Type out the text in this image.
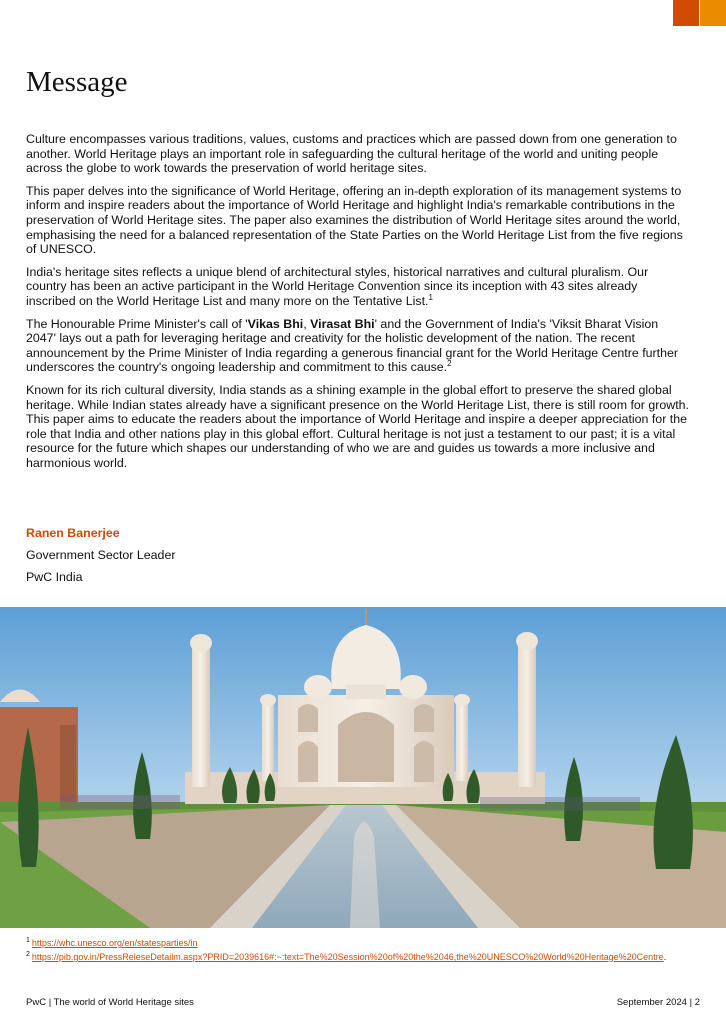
Message

Culture encompasses various traditions, values, customs and practices which are passed down from one generation to another. World Heritage plays an important role in safeguarding the cultural heritage of the world and uniting people across the globe to work towards the preservation of world heritage sites.

This paper delves into the significance of World Heritage, offering an in-depth exploration of its management systems to inform and inspire readers about the importance of World Heritage and highlight India's remarkable contributions in the preservation of World Heritage sites. The paper also examines the distribution of World Heritage sites around the world, emphasising the need for a balanced representation of the State Parties on the World Heritage List from the five regions of UNESCO.

India's heritage sites reflects a unique blend of architectural styles, historical narratives and cultural pluralism. Our country has been an active participant in the World Heritage Convention since its inception with 43 sites already inscribed on the World Heritage List and many more on the Tentative List.$^1$

The Honourable Prime Minister's call of 'Vikas Bhi, Virasat Bhi' and the Government of India's 'Viksit Bharat Vision 2047' lays out a path for leveraging heritage and creativity for the holistic development of the nation. The recent announcement by the Prime Minister of India regarding a generous financial grant for the World Heritage Centre further underscores the country's ongoing leadership and commitment to this cause.$^2$

Known for its rich cultural diversity, India stands as a shining example in the global effort to preserve the shared global heritage. While Indian states already have a significant presence on the World Heritage List, there is still room for growth. This paper aims to educate the readers about the importance of World Heritage and inspire a deeper appreciation for the role that India and other nations play in this global effort. Cultural heritage is not just a testament to our past; it is a vital resource for the future which shapes our understanding of who we are and guides us towards a more inclusive and harmonious world.

Ranen Banerjee
Government Sector Leader
PwC India
$^1$ https://whc.unesco.org/en/statesparties/in
$^2$ https://pib.gov.in/PressReleseDetailm.aspx?PRID=2039616#:~:text=The%20Session%20of%20the%2046,the%20UNESCO%20World%20Heritage%20Centre.
PwC | The world of World Heritage sites	September 2024 | 2
